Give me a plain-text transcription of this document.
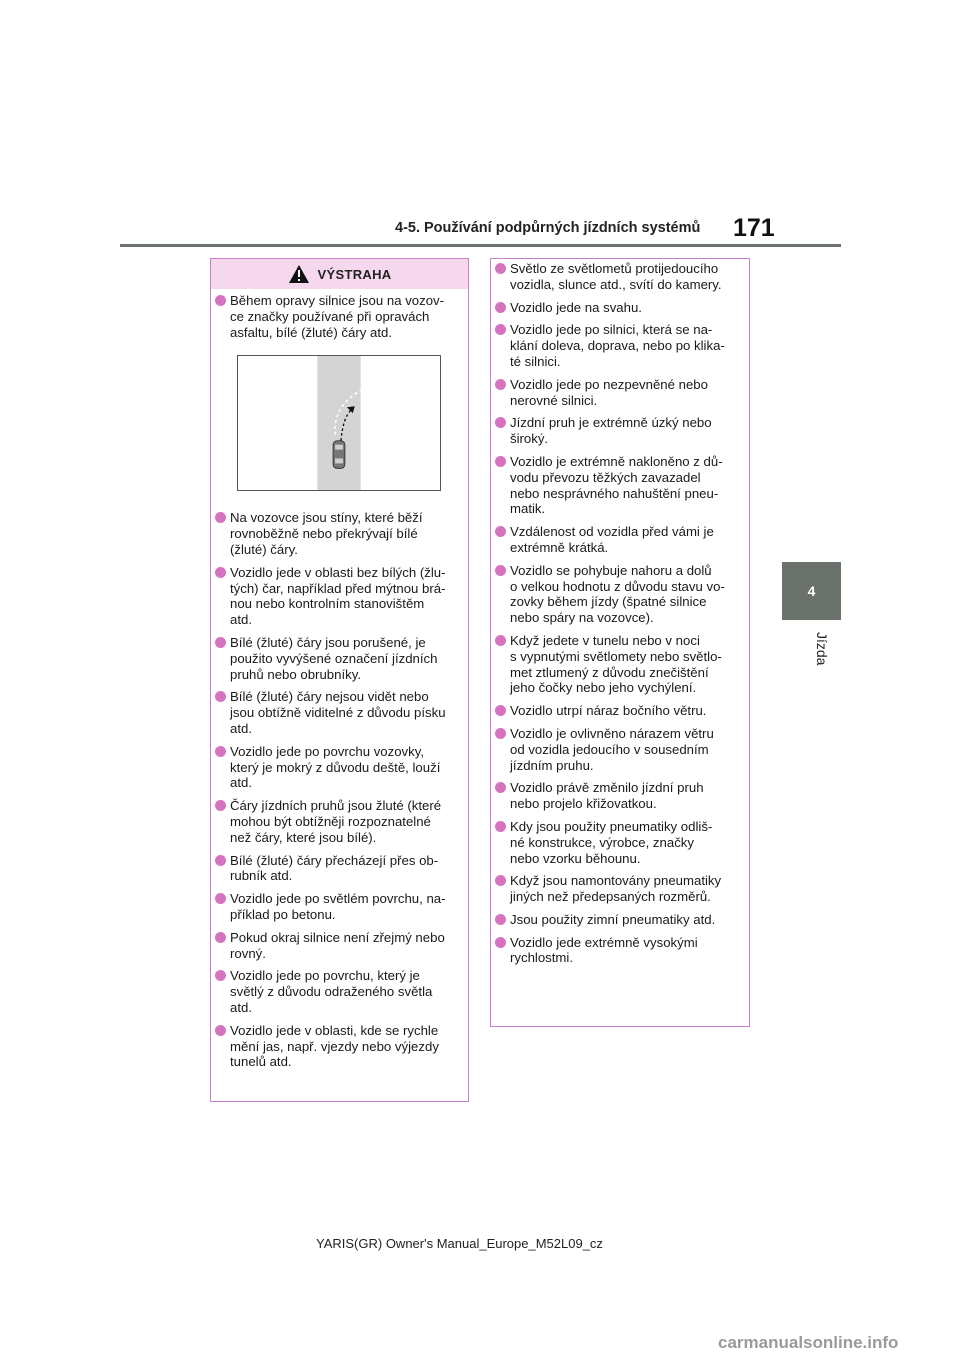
4-5. Používání podpůrných jízdních systémů 171
4
Jízda
VÝSTRAHA
Během opravy silnice jsou na vozov-
ce značky používané při opravách
asfaltu, bílé (žluté) čáry atd.
Na vozovce jsou stíny, které běží
rovnoběžně nebo překrývají bílé
(žluté) čáry.
Vozidlo jede v oblasti bez bílých (žlu-
tých) čar, například před mýtnou brá-
nou nebo kontrolním stanovištěm
atd.
Bílé (žluté) čáry jsou porušené, je
použito vyvýšené označení jízdních
pruhů nebo obrubníky.
Bílé (žluté) čáry nejsou vidět nebo
jsou obtížně viditelné z důvodu písku
atd.
Vozidlo jede po povrchu vozovky,
který je mokrý z důvodu deště, louží
atd.
Čáry jízdních pruhů jsou žluté (které
mohou být obtížněji rozpoznatelné
než čáry, které jsou bílé).
Bílé (žluté) čáry přecházejí přes ob-
rubník atd.
Vozidlo jede po světlém povrchu, na-
příklad po betonu.
Pokud okraj silnice není zřejmý nebo
rovný.
Vozidlo jede po povrchu, který je
světlý z důvodu odraženého světla
atd.
Vozidlo jede v oblasti, kde se rychle
mění jas, např. vjezdy nebo výjezdy
tunelů atd.
Světlo ze světlometů protijedoucího
vozidla, slunce atd., svítí do kamery.
Vozidlo jede na svahu.
Vozidlo jede po silnici, která se na-
klání doleva, doprava, nebo po klika-
té silnici.
Vozidlo jede po nezpevněné nebo
nerovné silnici.
Jízdní pruh je extrémně úzký nebo
široký.
Vozidlo je extrémně nakloněno z dů-
vodu převozu těžkých zavazadel
nebo nesprávného nahuštění pneu-
matik.
Vzdálenost od vozidla před vámi je
extrémně krátká.
Vozidlo se pohybuje nahoru a dolů
o velkou hodnotu z důvodu stavu vo-
zovky během jízdy (špatné silnice
nebo spáry na vozovce).
Když jedete v tunelu nebo v noci
s vypnutými světlomety nebo světlo-
met ztlumený z důvodu znečištění
jeho čočky nebo jeho vychýlení.
Vozidlo utrpí náraz bočního větru.
Vozidlo je ovlivněno nárazem větru
od vozidla jedoucího v sousedním
jízdním pruhu.
Vozidlo právě změnilo jízdní pruh
nebo projelo křižovatkou.
Kdy jsou použity pneumatiky odliš-
né konstrukce, výrobce, značky
nebo vzorku běhounu.
Když jsou namontovány pneumatiky
jiných než předepsaných rozměrů.
Jsou použity zimní pneumatiky atd.
Vozidlo jede extrémně vysokými
rychlostmi.
YARIS(GR) Owner's Manual_Europe_M52L09_cz
carmanualsonline.info
